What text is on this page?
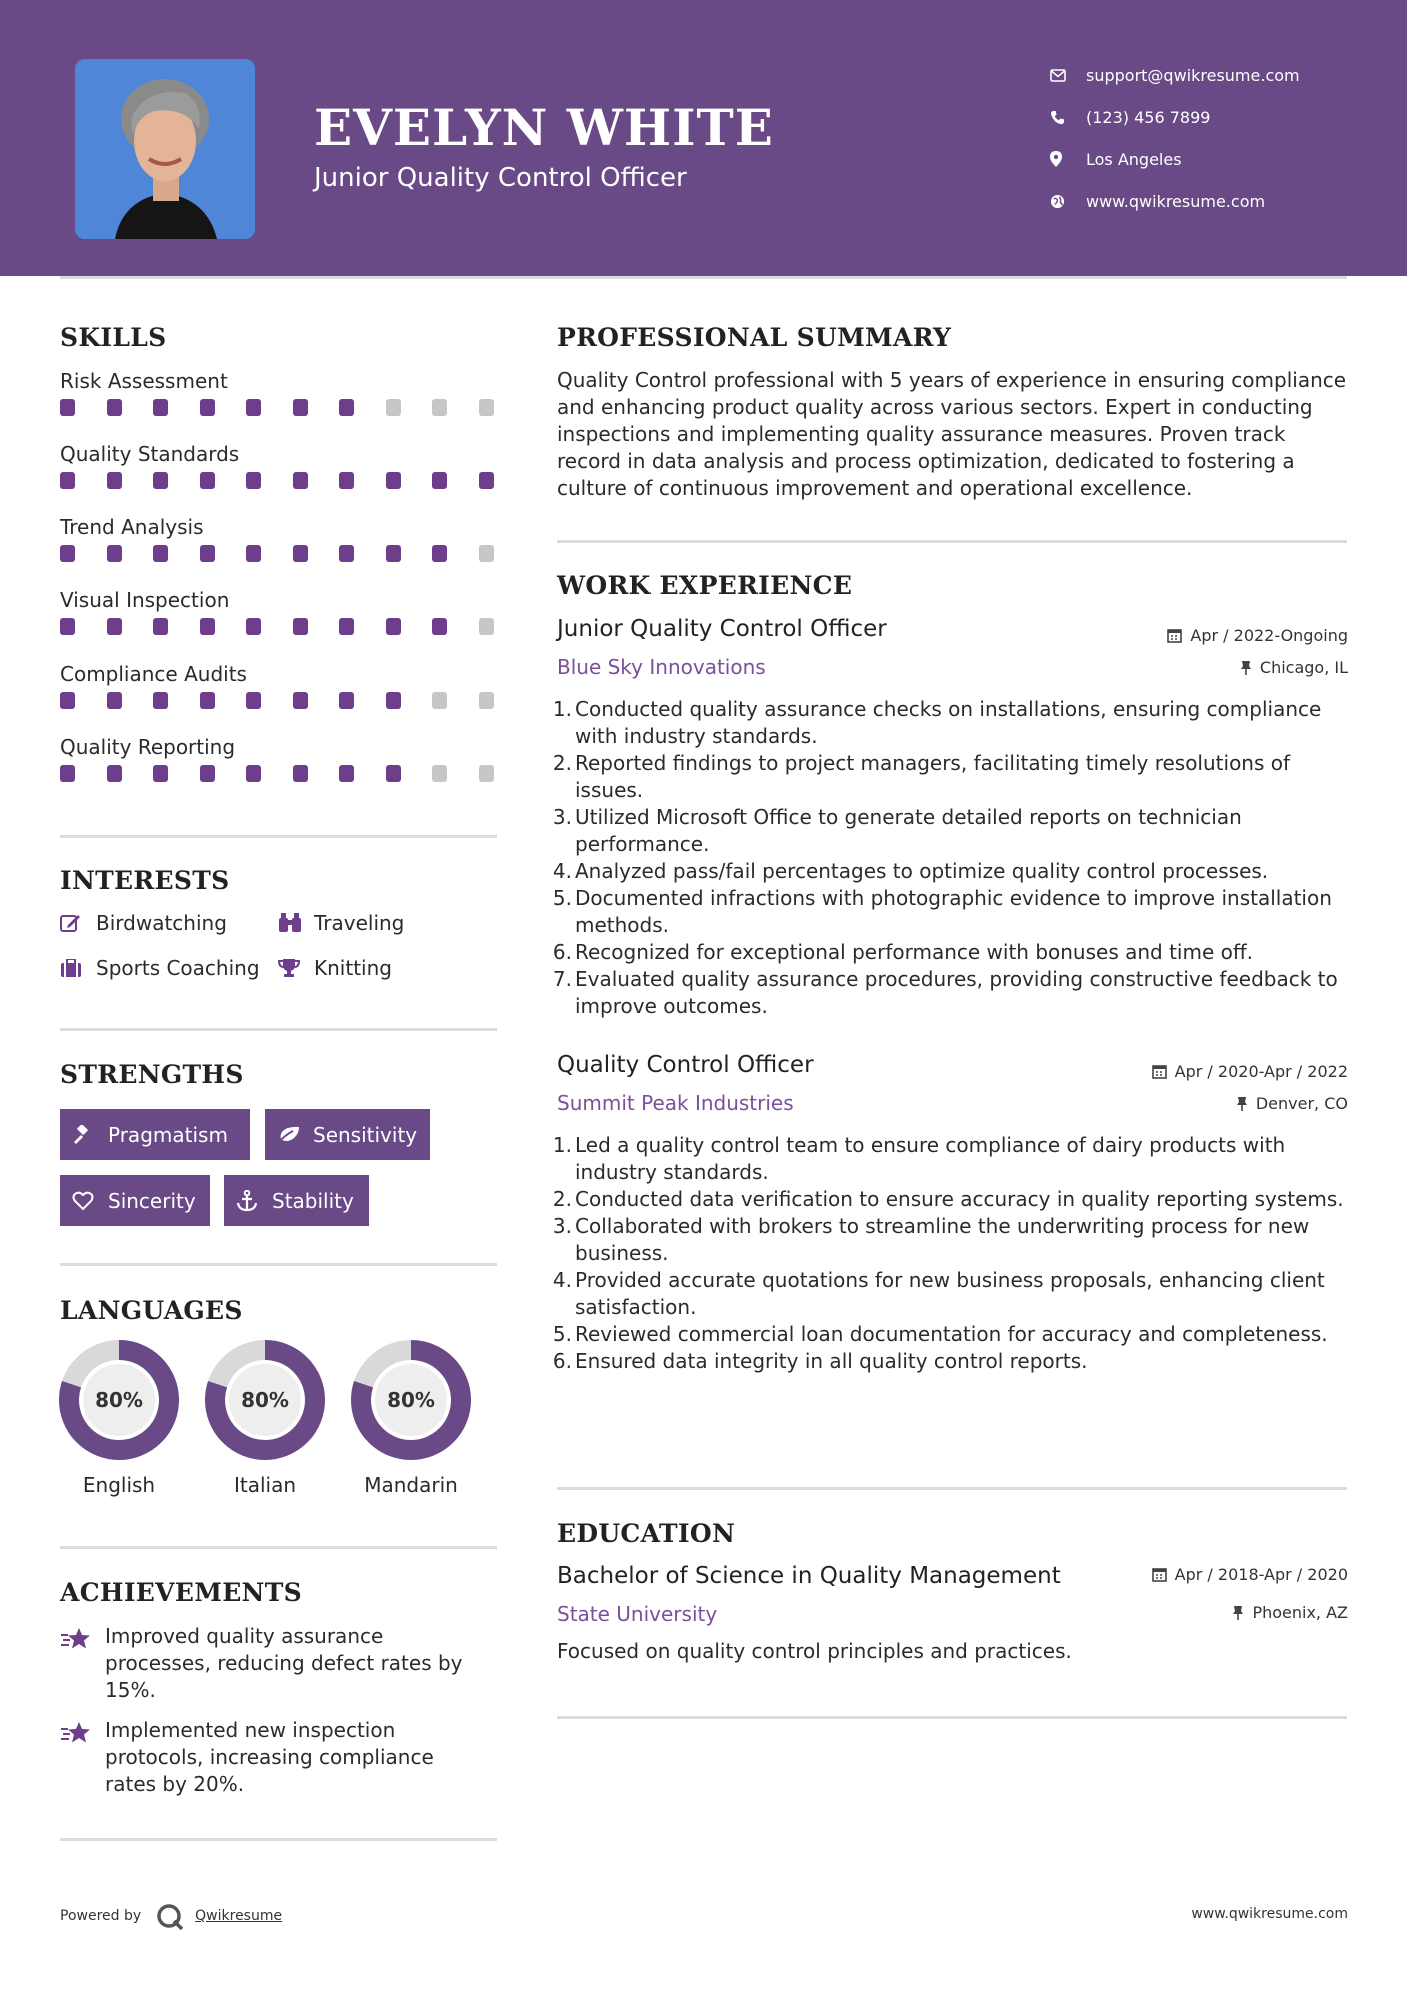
EVELYN WHITE
Junior Quality Control Officer
support@qwikresume.com
(123) 456 7899
Los Angeles
www.qwikresume.com
SKILLS
Risk Assessment
Quality Standards
Trend Analysis
Visual Inspection
Compliance Audits
Quality Reporting
INTERESTS
Birdwatching	Traveling
Sports Coaching	Knitting
STRENGTHS
Pragmatism	Sensitivity
Sincerity	Stability
LANGUAGES
80%
English
80%
Italian
80%
Mandarin
ACHIEVEMENTS
Improved quality assurance processes, reducing defect rates by 15%.
Implemented new inspection protocols, increasing compliance rates by 20%.
PROFESSIONAL SUMMARY
Quality Control professional with 5 years of experience in ensuring compliance and enhancing product quality across various sectors. Expert in conducting inspections and implementing quality assurance measures. Proven track record in data analysis and process optimization, dedicated to fostering a culture of continuous improvement and operational excellence.
WORK EXPERIENCE
Junior Quality Control Officer	Apr / 2022-Ongoing
Blue Sky Innovations	Chicago, IL
1. Conducted quality assurance checks on installations, ensuring compliance with industry standards.
2. Reported findings to project managers, facilitating timely resolutions of issues.
3. Utilized Microsoft Office to generate detailed reports on technician performance.
4. Analyzed pass/fail percentages to optimize quality control processes.
5. Documented infractions with photographic evidence to improve installation methods.
6. Recognized for exceptional performance with bonuses and time off.
7. Evaluated quality assurance procedures, providing constructive feedback to improve outcomes.
Quality Control Officer	Apr / 2020-Apr / 2022
Summit Peak Industries	Denver, CO
1. Led a quality control team to ensure compliance of dairy products with industry standards.
2. Conducted data verification to ensure accuracy in quality reporting systems.
3. Collaborated with brokers to streamline the underwriting process for new business.
4. Provided accurate quotations for new business proposals, enhancing client satisfaction.
5. Reviewed commercial loan documentation for accuracy and completeness.
6. Ensured data integrity in all quality control reports.
EDUCATION
Bachelor of Science in Quality Management	Apr / 2018-Apr / 2020
State University	Phoenix, AZ
Focused on quality control principles and practices.
Powered by	Qwikresume	www.qwikresume.com
